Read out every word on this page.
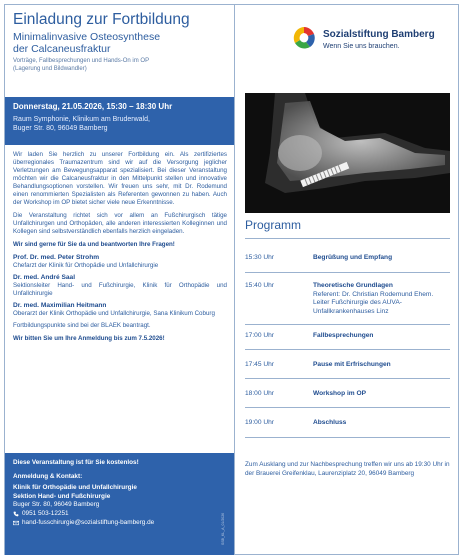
Einladung zur Fortbildung
Minimalinvasive Osteosynthese
der Calcaneusfraktur
Vorträge, Fallbesprechungen und Hands-On im OP
(Lagerung und Bildwandler)
Donnerstag, 21.05.2026, 15:30 – 18:30 Uhr
Raum Symphonie, Klinikum am Bruderwald,
Buger Str. 80, 96049 Bamberg

Wir laden Sie herzlich zu unserer Fortbildung ein. Als zertifiziertes überregionales Traumazentrum sind wir auf die Versorgung jeglicher Verletzungen am Bewegungsapparat spezialisiert. Bei dieser Veranstaltung möchten wir die Calcaneusfraktur in den Mittelpunkt stellen und innovative Behandlungsoptionen vorstellen. Wir freuen uns sehr, mit Dr. Rodemund einen renommierten Spezialisten als Referenten gewonnen zu haben. Auch der Workshop im OP bietet sicher viele neue Erkenntnisse.

Die Veranstaltung richtet sich vor allem an Fußchirurgisch tätige Unfallchirurgen und Orthopäden, alle anderen interessierten Kolleginnen und Kollegen sind selbstverständlich ebenfalls herzlich eingeladen.

Wir sind gerne für Sie da und beantworten Ihre Fragen!

Prof. Dr. med. Peter Strohm
Chefarzt der Klinik für Orthopädie und Unfallchirurgie
Dr. med. André Saal
Sektionsleiter Hand- und Fußchirurgie, Klinik für Orthopädie und Unfallchirurgie
Dr. med. Maximilian Heitmann
Oberarzt der Klinik Orthopädie und Unfallchirurgie, Sana Klinikum Coburg

Fortbildungspunkte sind bei der BLAEK beantragt.

Wir bitten Sie um Ihre Anmeldung bis zum 7.5.2026!

Diese Veranstaltung ist für Sie kostenlos!
Anmeldung & Kontakt:
Klinik für Orthopädie und Unfallchirurgie
Sektion Hand- und Fußchirurgie
Buger Str. 80, 96049 Bamberg
0951 503-12251
hand-fusschirurgie@sozialstiftung-bamberg.de	SSB_KL_A_01/2026
Sozialstiftung Bamberg
Wenn Sie uns brauchen.
Programm
15:30 Uhr	Begrüßung und Empfang
15:40 Uhr	Theoretische Grundlagen
Referent: Dr. Christian Rodemund Ehem. Leiter Fußchirurgie des AUVA-Unfallkrankenhauses Linz
17:00 Uhr	Fallbesprechungen
17:45 Uhr	Pause mit Erfrischungen
18:00 Uhr	Workshop im OP
19:00 Uhr	Abschluss
Zum Ausklang und zur Nachbesprechung treffen wir uns ab 19:30 Uhr in der Brauerei Greifenklau, Laurenziplatz 20, 96049 Bamberg
